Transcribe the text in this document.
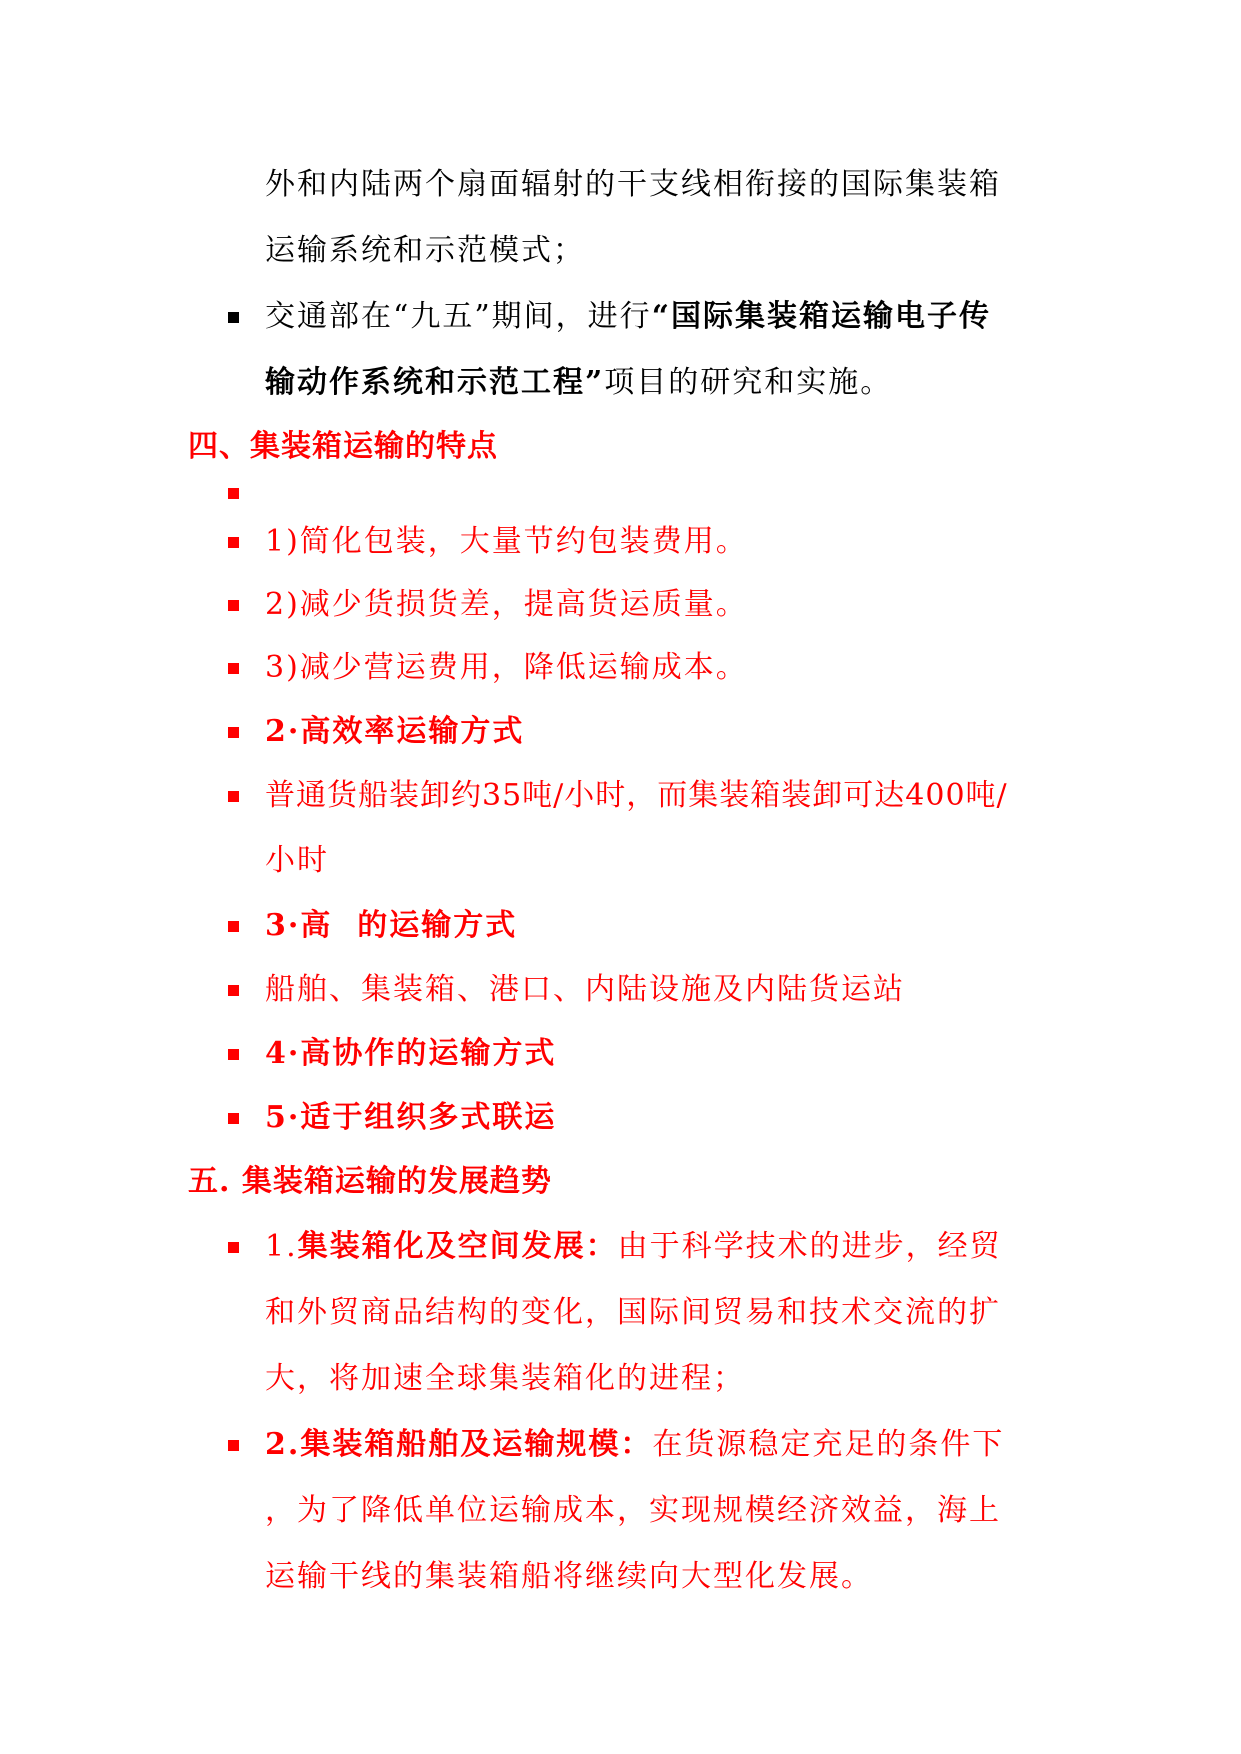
外和内陆两个扇面辐射的干支线相衔接的国际集装箱
运输系统和示范模式；
交通部在“九五”期间，进行“国际集装箱运输电子传
输动作系统和示范工程”项目的研究和实施。
四、集装箱运输的特点
1)简化包装，大量节约包装费用。
2)减少货损货差，提高货运质量。
3)减少营运费用，降低运输成本。
2·高效率运输方式
普通货船装卸约35吨/小时，而集装箱装卸可达400吨/
小时
3·高  的运输方式
船舶、集装箱、港口、内陆设施及内陆货运站
4·高协作的运输方式
5·适于组织多式联运
五. 集装箱运输的发展趋势
1.集装箱化及空间发展：由于科学技术的进步，经贸
和外贸商品结构的变化，国际间贸易和技术交流的扩
大，将加速全球集装箱化的进程；
2.集装箱船舶及运输规模：在货源稳定充足的条件下
，为了降低单位运输成本，实现规模经济效益，海上
运输干线的集装箱船将继续向大型化发展。
